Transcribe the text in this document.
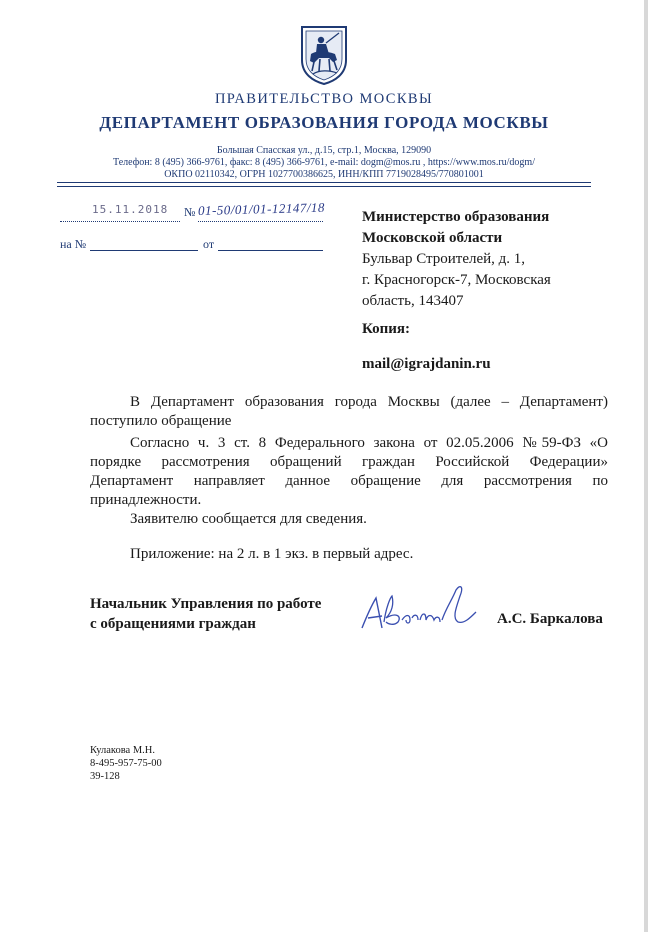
ПРАВИТЕЛЬСТВО МОСКВЫ
ДЕПАРТАМЕНТ ОБРАЗОВАНИЯ ГОРОДА МОСКВЫ
Большая Спасская ул., д.15, стр.1, Москва, 129090
Телефон: 8 (495) 366-9761, факс: 8 (495) 366-9761, e-mail: dogm@mos.ru , https://www.mos.ru/dogm/
ОКПО 02110342, ОГРН 1027700386625, ИНН/КПП 7719028495/770801001
15.11.2018 № 01-50/01/01-12147/18
на №	от
Министерство образования
Московской области
Бульвар Строителей, д. 1,
г. Красногорск-7, Московская
область, 143407
Копия:
mail@igrajdanin.ru
В Департамент образования города Москвы (далее – Департамент) поступило обращение
Согласно ч. 3 ст. 8 Федерального закона от 02.05.2006 №59-ФЗ «О порядке рассмотрения обращений граждан Российской Федерации» Департамент направляет данное обращение для рассмотрения по принадлежности.
Заявителю сообщается для сведения.
Приложение: на 2 л. в 1 экз. в первый адрес.
Начальник Управления по работе
с обращениями граждан	А.С. Баркалова
Кулакова М.Н.
8-495-957-75-00
39-128
